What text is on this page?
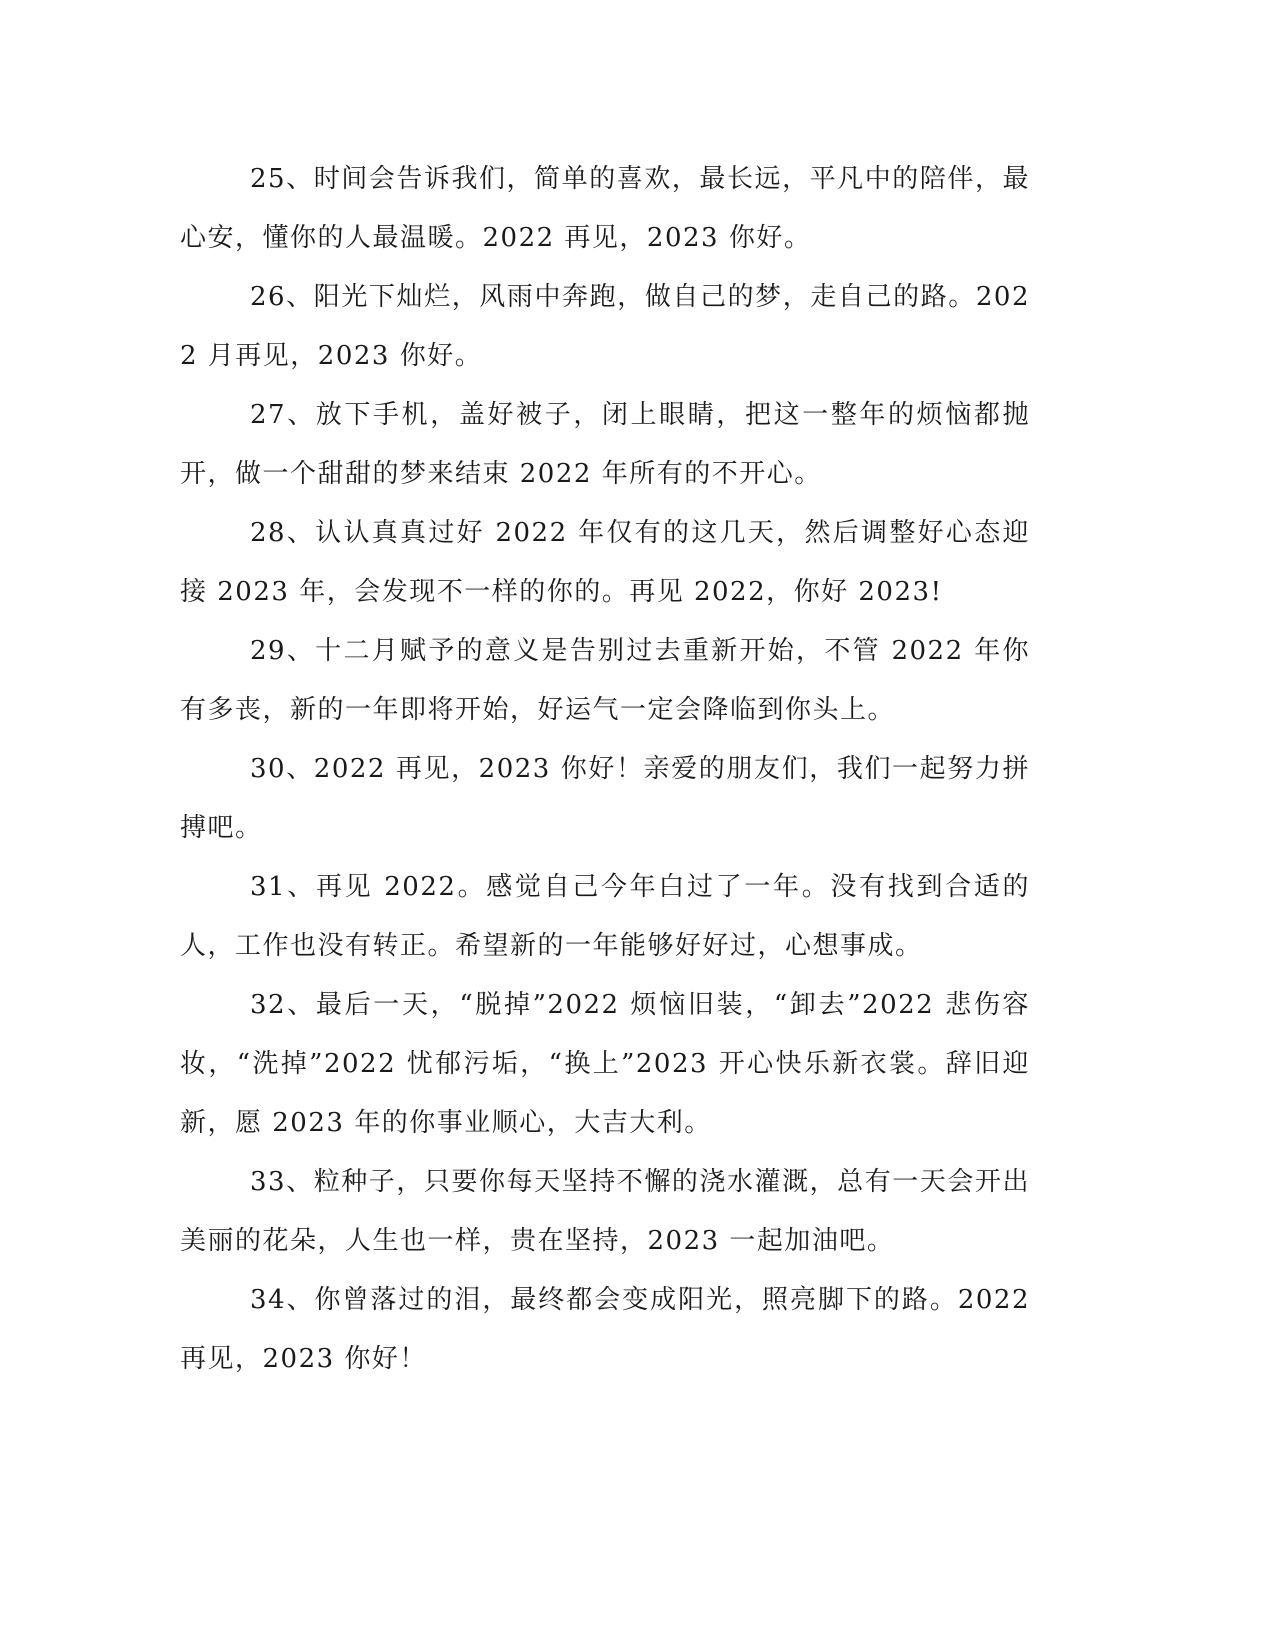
25、时间会告诉我们，简单的喜欢，最长远，平凡中的陪伴，最心安，懂你的人最温暖。2022 再见，2023 你好。

26、阳光下灿烂，风雨中奔跑，做自己的梦，走自己的路。2022 月再见，2023 你好。

27、放下手机，盖好被子，闭上眼睛，把这一整年的烦恼都抛开，做一个甜甜的梦来结束 2022 年所有的不开心。

28、认认真真过好 2022 年仅有的这几天，然后调整好心态迎接 2023 年，会发现不一样的你的。再见 2022，你好 2023!

29、十二月赋予的意义是告别过去重新开始，不管 2022 年你有多丧，新的一年即将开始，好运气一定会降临到你头上。

30、2022 再见，2023 你好！亲爱的朋友们，我们一起努力拼搏吧。

31、再见 2022。感觉自己今年白过了一年。没有找到合适的人，工作也没有转正。希望新的一年能够好好过，心想事成。

32、最后一天，“脱掉”2022 烦恼旧装，“卸去”2022 悲伤容妆，“洗掉”2022 忧郁污垢，“换上”2023 开心快乐新衣裳。辞旧迎新，愿 2023 年的你事业顺心，大吉大利。

33、粒种子，只要你每天坚持不懈的浇水灌溉，总有一天会开出美丽的花朵，人生也一样，贵在坚持，2023 一起加油吧。

34、你曾落过的泪，最终都会变成阳光，照亮脚下的路。2022 再见，2023 你好！
